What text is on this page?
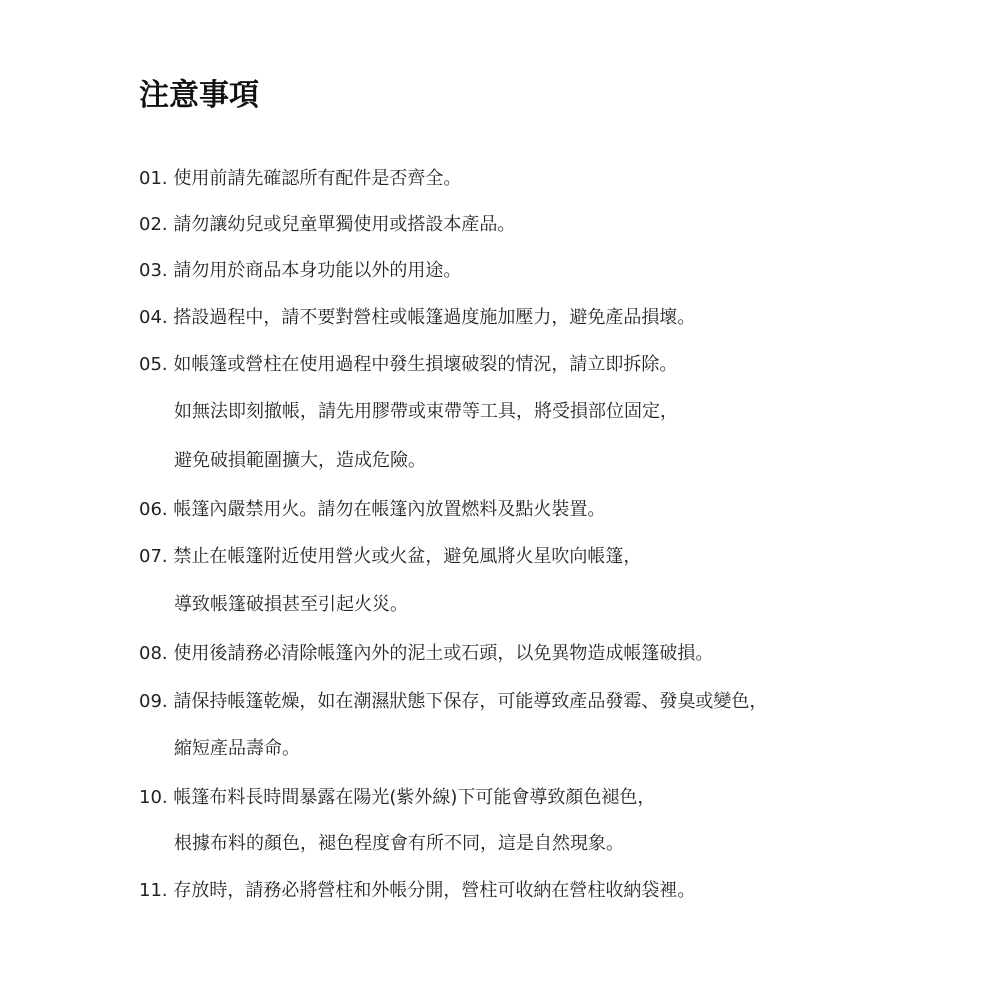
注意事項
01. 使用前請先確認所有配件是否齊全。
02. 請勿讓幼兒或兒童單獨使用或搭設本產品。
03. 請勿用於商品本身功能以外的用途。
04. 搭設過程中，請不要對營柱或帳篷過度施加壓力，避免產品損壞。
05. 如帳篷或營柱在使用過程中發生損壞破裂的情況，請立即拆除。
如無法即刻撤帳，請先用膠帶或束帶等工具，將受損部位固定，
避免破損範圍擴大，造成危險。
06. 帳篷內嚴禁用火。請勿在帳篷內放置燃料及點火裝置。
07. 禁止在帳篷附近使用營火或火盆，避免風將火星吹向帳篷，
導致帳篷破損甚至引起火災。
08. 使用後請務必清除帳篷內外的泥土或石頭，以免異物造成帳篷破損。
09. 請保持帳篷乾燥，如在潮濕狀態下保存，可能導致產品發霉、發臭或變色，
縮短產品壽命。
10. 帳篷布料長時間暴露在陽光(紫外線)下可能會導致顏色褪色，
根據布料的顏色，褪色程度會有所不同，這是自然現象。
11. 存放時，請務必將營柱和外帳分開，營柱可收納在營柱收納袋裡。
